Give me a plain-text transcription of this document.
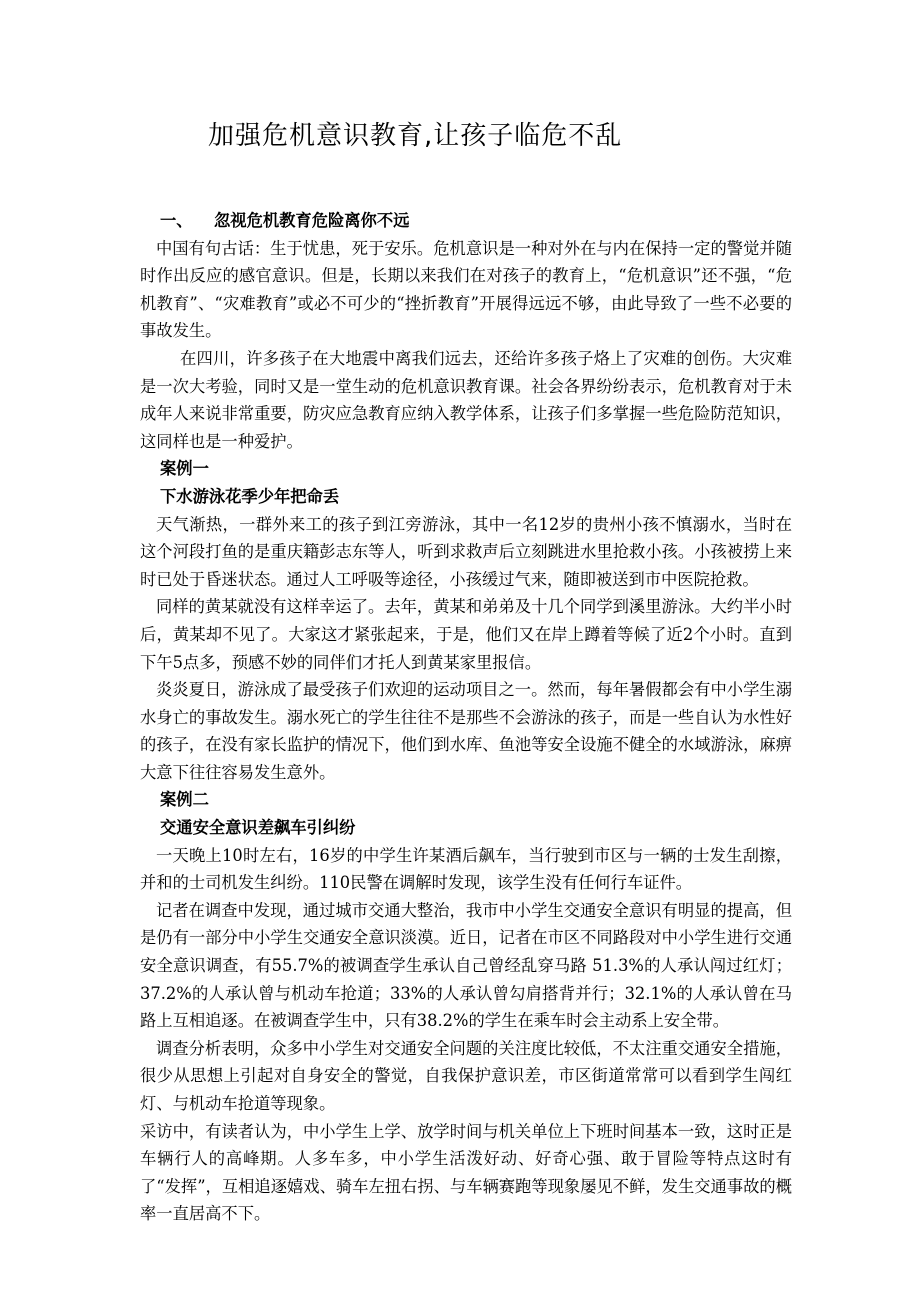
加强危机意识教育,让孩子临危不乱
一、 忽视危机教育危险离你不远

中国有句古话：生于忧患，死于安乐。危机意识是一种对外在与内在保持一定的警觉并随时作出反应的感官意识。但是，长期以来我们在对孩子的教育上，“危机意识”还不强，“危机教育”、“灾难教育”或必不可少的“挫折教育”开展得远远不够，由此导致了一些不必要的事故发生。

在四川，许多孩子在大地震中离我们远去，还给许多孩子烙上了灾难的创伤。大灾难是一次大考验，同时又是一堂生动的危机意识教育课。社会各界纷纷表示，危机教育对于未成年人来说非常重要，防灾应急教育应纳入教学体系，让孩子们多掌握一些危险防范知识，这同样也是一种爱护。

案例一
下水游泳花季少年把命丢

天气渐热，一群外来工的孩子到江旁游泳，其中一名12岁的贵州小孩不慎溺水，当时在这个河段打鱼的是重庆籍彭志东等人，听到求救声后立刻跳进水里抢救小孩。小孩被捞上来时已处于昏迷状态。通过人工呼吸等途径，小孩缓过气来，随即被送到市中医院抢救。

同样的黄某就没有这样幸运了。去年，黄某和弟弟及十几个同学到溪里游泳。大约半小时后，黄某却不见了。大家这才紧张起来，于是，他们又在岸上蹲着等候了近2个小时。直到下午5点多，预感不妙的同伴们才托人到黄某家里报信。

炎炎夏日，游泳成了最受孩子们欢迎的运动项目之一。然而，每年暑假都会有中小学生溺水身亡的事故发生。溺水死亡的学生往往不是那些不会游泳的孩子，而是一些自认为水性好的孩子，在没有家长监护的情况下，他们到水库、鱼池等安全设施不健全的水域游泳，麻痹大意下往往容易发生意外。

案例二
交通安全意识差飙车引纠纷

一天晚上10时左右，16岁的中学生许某酒后飙车，当行驶到市区与一辆的士发生刮擦，并和的士司机发生纠纷。110民警在调解时发现，该学生没有任何行车证件。

记者在调查中发现，通过城市交通大整治，我市中小学生交通安全意识有明显的提高，但是仍有一部分中小学生交通安全意识淡漠。近日，记者在市区不同路段对中小学生进行交通安全意识调查，有55.7%的被调查学生承认自己曾经乱穿马路 51.3%的人承认闯过红灯；37.2%的人承认曾与机动车抢道；33%的人承认曾勾肩搭背并行；32.1%的人承认曾在马路上互相追逐。在被调查学生中，只有38.2%的学生在乘车时会主动系上安全带。

调查分析表明，众多中小学生对交通安全问题的关注度比较低，不太注重交通安全措施，很少从思想上引起对自身安全的警觉，自我保护意识差，市区街道常常可以看到学生闯红灯、与机动车抢道等现象。

采访中，有读者认为，中小学生上学、放学时间与机关单位上下班时间基本一致，这时正是车辆行人的高峰期。人多车多，中小学生活泼好动、好奇心强、敢于冒险等特点这时有了“发挥”，互相追逐嬉戏、骑车左扭右拐、与车辆赛跑等现象屡见不鲜，发生交通事故的概率一直居高不下。
